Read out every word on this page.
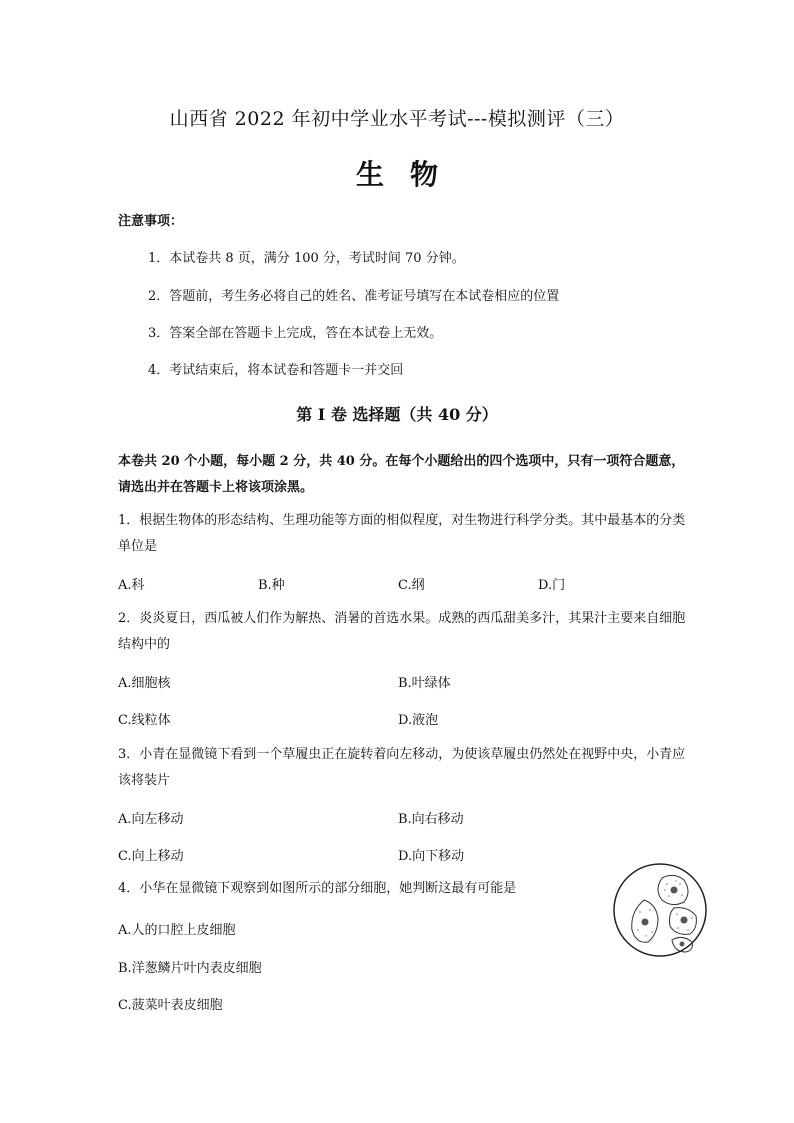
山西省 2022 年初中学业水平考试---模拟测评（三）
生物
注意事项：
1．本试卷共 8 页，满分 100 分，考试时间 70 分钟。
2．答题前，考生务必将自己的姓名、准考证号填写在本试卷相应的位置
3．答案全部在答题卡上完成，答在本试卷上无效。
4．考试结束后，将本试卷和答题卡一并交回
第 I 卷 选择题（共 40 分）
本卷共 20 个小题，每小题 2 分，共 40 分。在每个小题给出的四个选项中，只有一项符合题意，请选出并在答题卡上将该项涂黑。
1．根据生物体的形态结构、生理功能等方面的相似程度，对生物进行科学分类。其中最基本的分类单位是
A.科	B.种	C.纲	D.门
2．炎炎夏日，西瓜被人们作为解热、消暑的首选水果。成熟的西瓜甜美多汁，其果汁主要来自细胞结构中的
A.细胞核	B.叶绿体
C.线粒体	D.液泡
3．小青在显微镜下看到一个草履虫正在旋转着向左移动，为使该草履虫仍然处在视野中央，小青应该将装片
A.向左移动	B.向右移动
C.向上移动	D.向下移动
4．小华在显微镜下观察到如图所示的部分细胞，她判断这最有可能是
A.人的口腔上皮细胞
B.洋葱鳞片叶内表皮细胞
C.菠菜叶表皮细胞
